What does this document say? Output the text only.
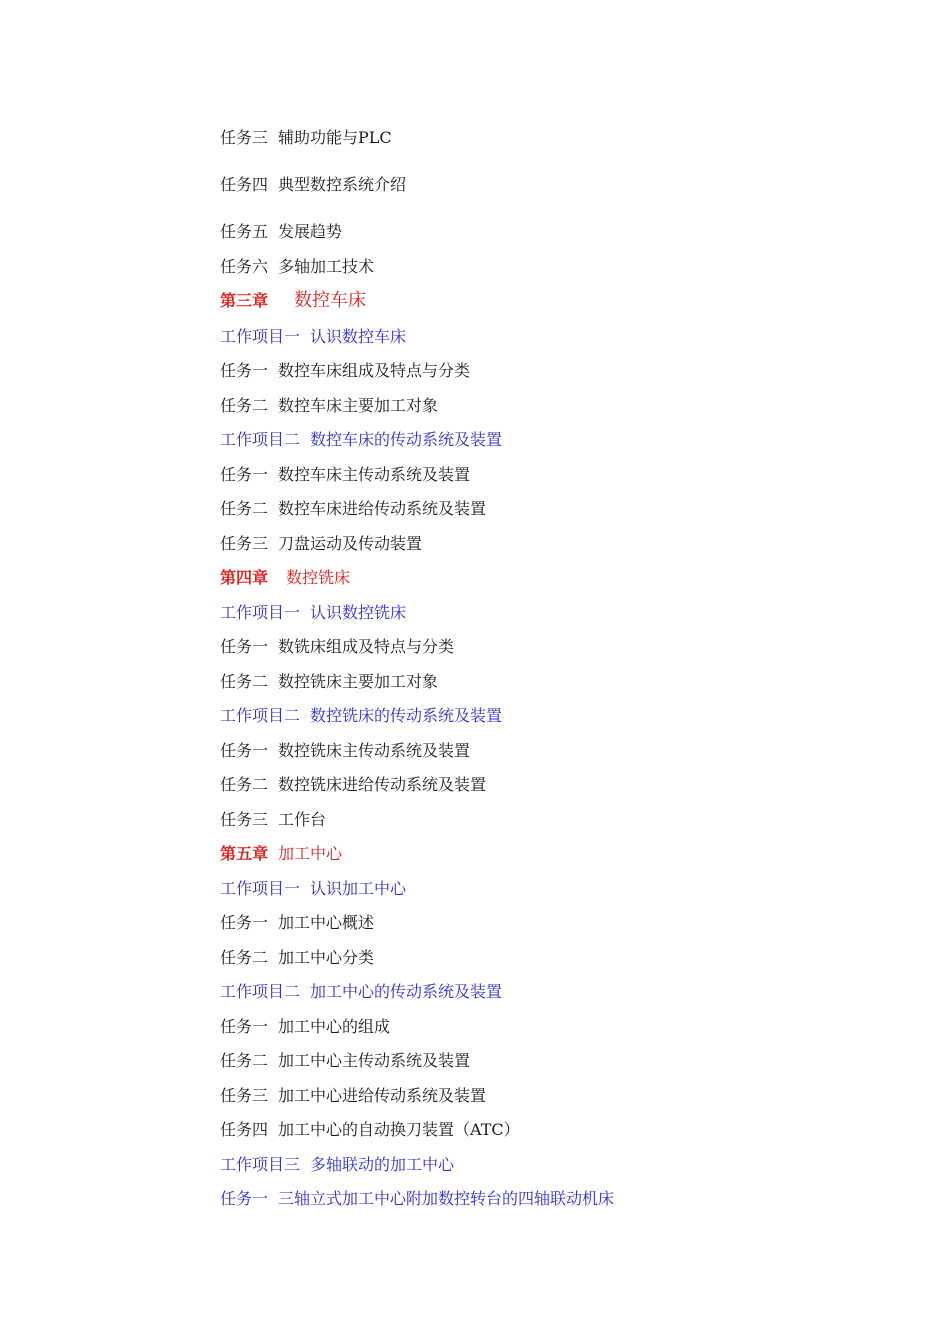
任务三 辅助功能与PLC
任务四 典型数控系统介绍
任务五 发展趋势
任务六 多轴加工技术
第三章 数控车床
工作项目一 认识数控车床
任务一 数控车床组成及特点与分类
任务二 数控车床主要加工对象
工作项目二 数控车床的传动系统及装置
任务一 数控车床主传动系统及装置
任务二 数控车床进给传动系统及装置
任务三 刀盘运动及传动装置
第四章 数控铣床
工作项目一 认识数控铣床
任务一 数铣床组成及特点与分类
任务二 数控铣床主要加工对象
工作项目二 数控铣床的传动系统及装置
任务一 数控铣床主传动系统及装置
任务二 数控铣床进给传动系统及装置
任务三 工作台
第五章 加工中心
工作项目一 认识加工中心
任务一 加工中心概述
任务二 加工中心分类
工作项目二 加工中心的传动系统及装置
任务一 加工中心的组成
任务二 加工中心主传动系统及装置
任务三 加工中心进给传动系统及装置
任务四 加工中心的自动换刀装置（ATC）
工作项目三 多轴联动的加工中心
任务一 三轴立式加工中心附加数控转台的四轴联动机床
